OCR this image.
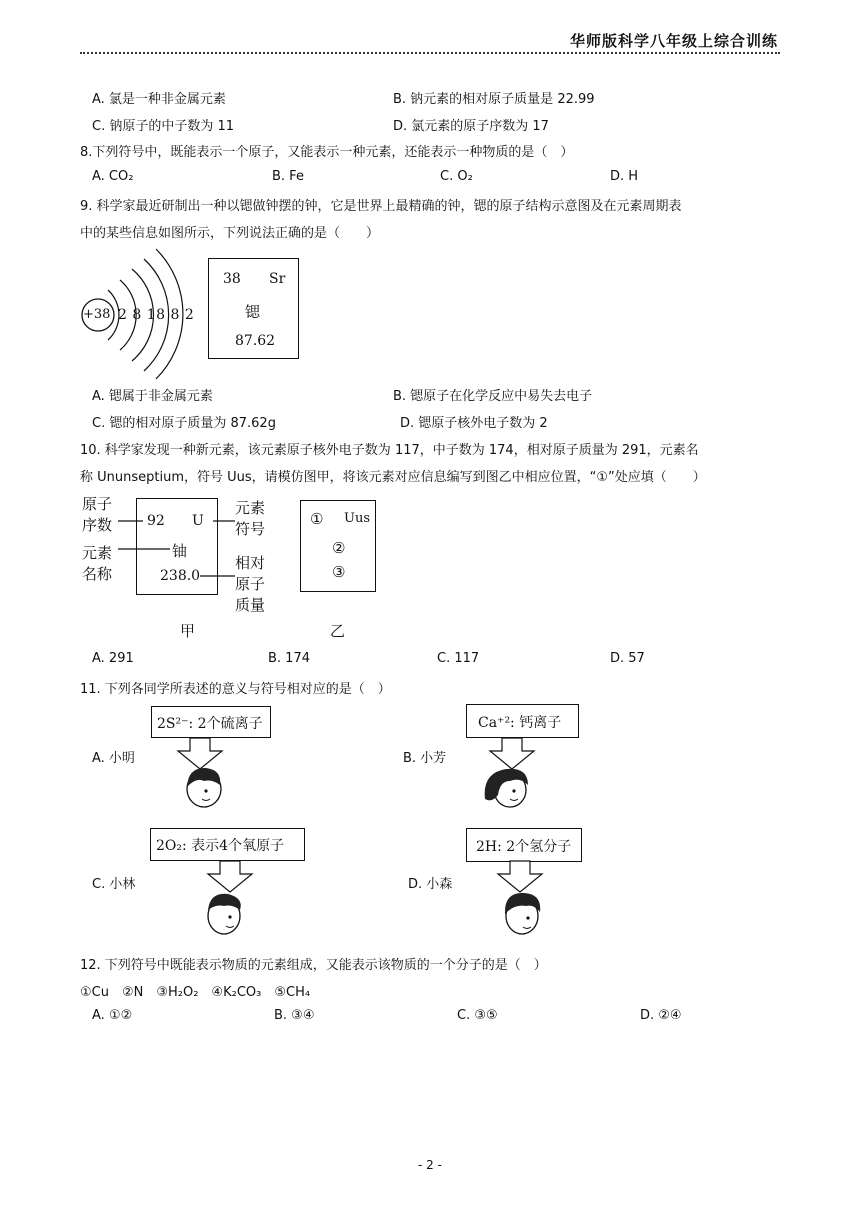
华师版科学八年级上综合训练
A. 氯是一种非金属元素	B. 钠元素的相对原子质量是 22.99
C. 钠原子的中子数为 11	D. 氯元素的原子序数为 17
8.下列符号中，既能表示一个原子，又能表示一种元素，还能表示一种物质的是（　）
A. CO₂	B. Fe	C. O₂	D. H
9. 科学家最近研制出一种以锶做钟摆的钟，它是世界上最精确的钟，锶的原子结构示意图及在元素周期表
中的某些信息如图所示，下列说法正确的是（　　）
+38 2 8 18 8 2
38 Sr
锶
87.62
A. 锶属于非金属元素	B. 锶原子在化学反应中易失去电子
C. 锶的相对原子质量为 87.62g	D. 锶原子核外电子数为 2
10. 科学家发现一种新元素，该元素原子核外电子数为 117，中子数为 174，相对原子质量为 291，元素名
称 Ununseptium，符号 Uus，请模仿图甲，将该元素对应信息编写到图乙中相应位置，“①”处应填（　　）
原子
序数
元素
名称
元素
符号
相对
原子
质量
92 U
铀
238.0
甲
① Uus
②
③
乙
A. 291	B. 174	C. 117	D. 57
11. 下列各同学所表述的意义与符号相对应的是（　）
A. 小明
2S²⁻: 2个硫离子
B. 小芳
Ca⁺²: 钙离子
C. 小林
2O₂: 表示4个氧原子
D. 小森
2H: 2个氢分子
12. 下列符号中既能表示物质的元素组成，又能表示该物质的一个分子的是（　）
①Cu　②N　③H₂O₂　④K₂CO₃　⑤CH₄
A. ①②	B. ③④	C. ③⑤	D. ②④
- 2 -
